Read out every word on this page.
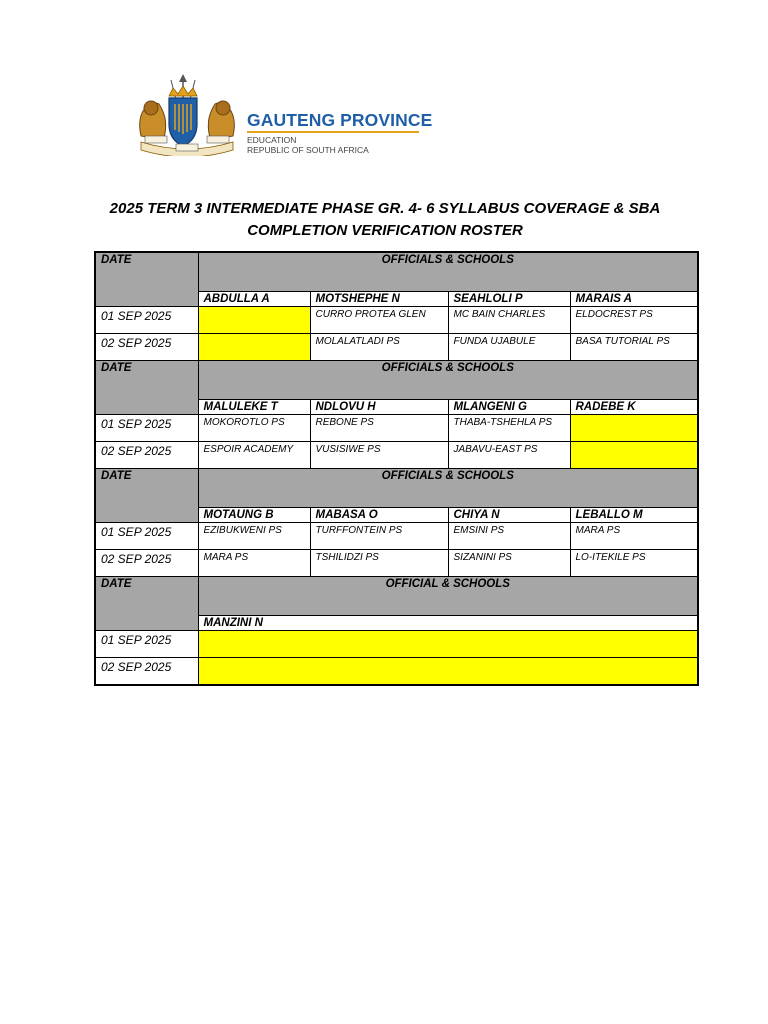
GAUTENG PROVINCE
EDUCATION
REPUBLIC OF SOUTH AFRICA
2025 TERM 3 INTERMEDIATE PHASE GR. 4- 6 SYLLABUS COVERAGE & SBA
COMPLETION VERIFICATION ROSTER
DATE	OFFICIALS & SCHOOLS			
	ABDULLA A	MOTSHEPHE N	SEAHLOLI P	MARAIS A
01 SEP 2025		CURRO PROTEA GLEN	MC BAIN CHARLES	ELDOCREST PS
02 SEP 2025		MOLALATLADI PS	FUNDA UJABULE	BASA TUTORIAL PS
DATE	OFFICIALS & SCHOOLS			
	MALULEKE T	NDLOVU H	MLANGENI G	RADEBE K
01 SEP 2025	MOKOROTLO PS	REBONE PS	THABA-TSHEHLA PS	
02 SEP 2025	ESPOIR ACADEMY	VUSISIWE PS	JABAVU-EAST PS	
DATE	OFFICIALS & SCHOOLS			
	MOTAUNG B	MABASA O	CHIYA N	LEBALLO M
01 SEP 2025	EZIBUKWENI PS	TURFFONTEIN PS	EMSINI PS	MARA PS
02 SEP 2025	MARA PS	TSHILIDZI PS	SIZANINI PS	LO-ITEKILE PS
DATE	OFFICIAL & SCHOOLS			
	MANZINI N			
01 SEP 2025				
02 SEP 2025				
